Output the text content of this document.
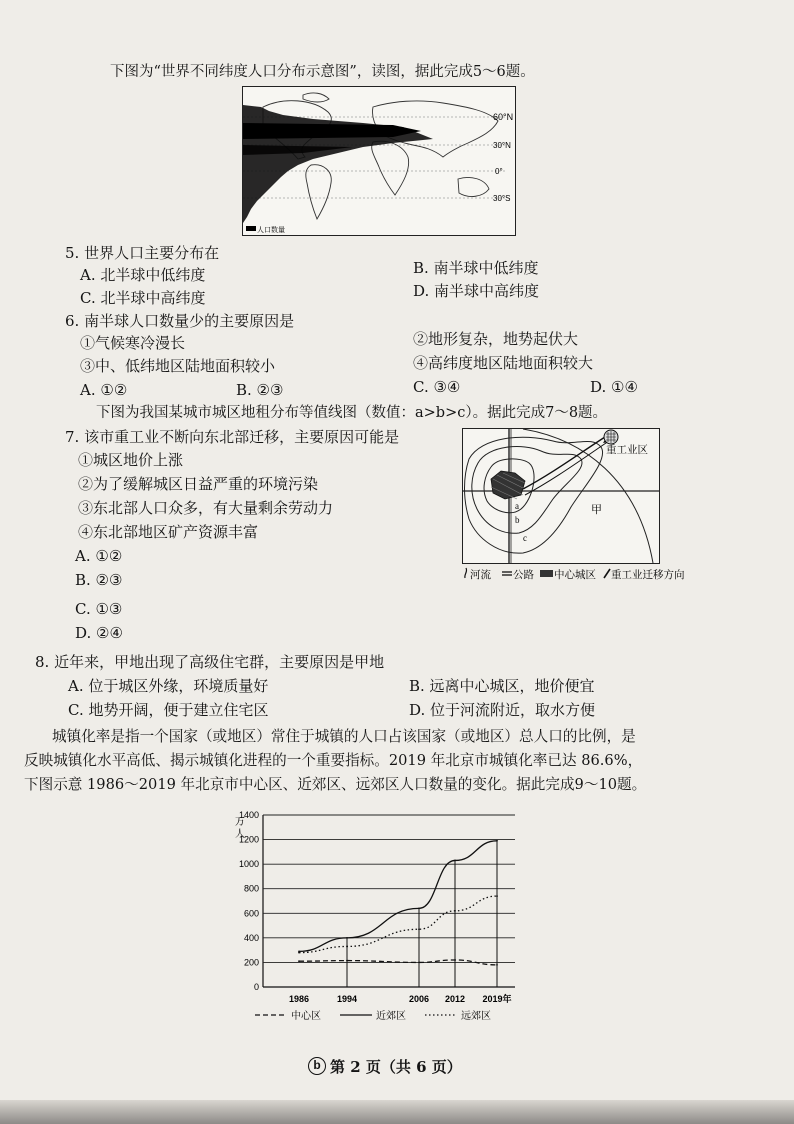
下图为“世界不同纬度人口分布示意图”，读图，据此完成5～6题。
60°N
30°N
0°
30°S
人口数量
5. 世界人口主要分布在
A. 北半球中低纬度	B. 南半球中低纬度
C. 北半球中高纬度	D. 南半球中高纬度
6. 南半球人口数量少的主要原因是
①气候寒冷漫长	②地形复杂，地势起伏大
③中、低纬地区陆地面积较小	④高纬度地区陆地面积较大
A. ①②	B. ②③	C. ③④	D. ①④
下图为我国某城市城区地租分布等值线图（数值：a>b>c）。据此完成7～8题。
7. 该市重工业不断向东北部迁移，主要原因可能是
①城区地价上涨
②为了缓解城区日益严重的环境污染
③东北部人口众多，有大量剩余劳动力
④东北部地区矿产资源丰富
A. ①②
B. ②③
C. ①③
D. ②④
重工业区
甲
a
b
c
河流 公路 中心城区 重工业迁移方向
8. 近年来，甲地出现了高级住宅群，主要原因是甲地
A. 位于城区外缘，环境质量好	B. 远离中心城区，地价便宜
C. 地势开阔，便于建立住宅区	D. 位于河流附近，取水方便
城镇化率是指一个国家（或地区）常住于城镇的人口占该国家（或地区）总人口的比例，是
反映城镇化水平高低、揭示城镇化进程的一个重要指标。2019 年北京市城镇化率已达 86.6%，
下图示意 1986～2019 年北京市中心区、近郊区、远郊区人口数量的变化。据此完成9～10题。
0
200
400
600
800
1000
1200
1400
万
人
1986	1994	2006 2012 2019年
中心区	近郊区	远郊区
b 第 2 页（共 6 页）
